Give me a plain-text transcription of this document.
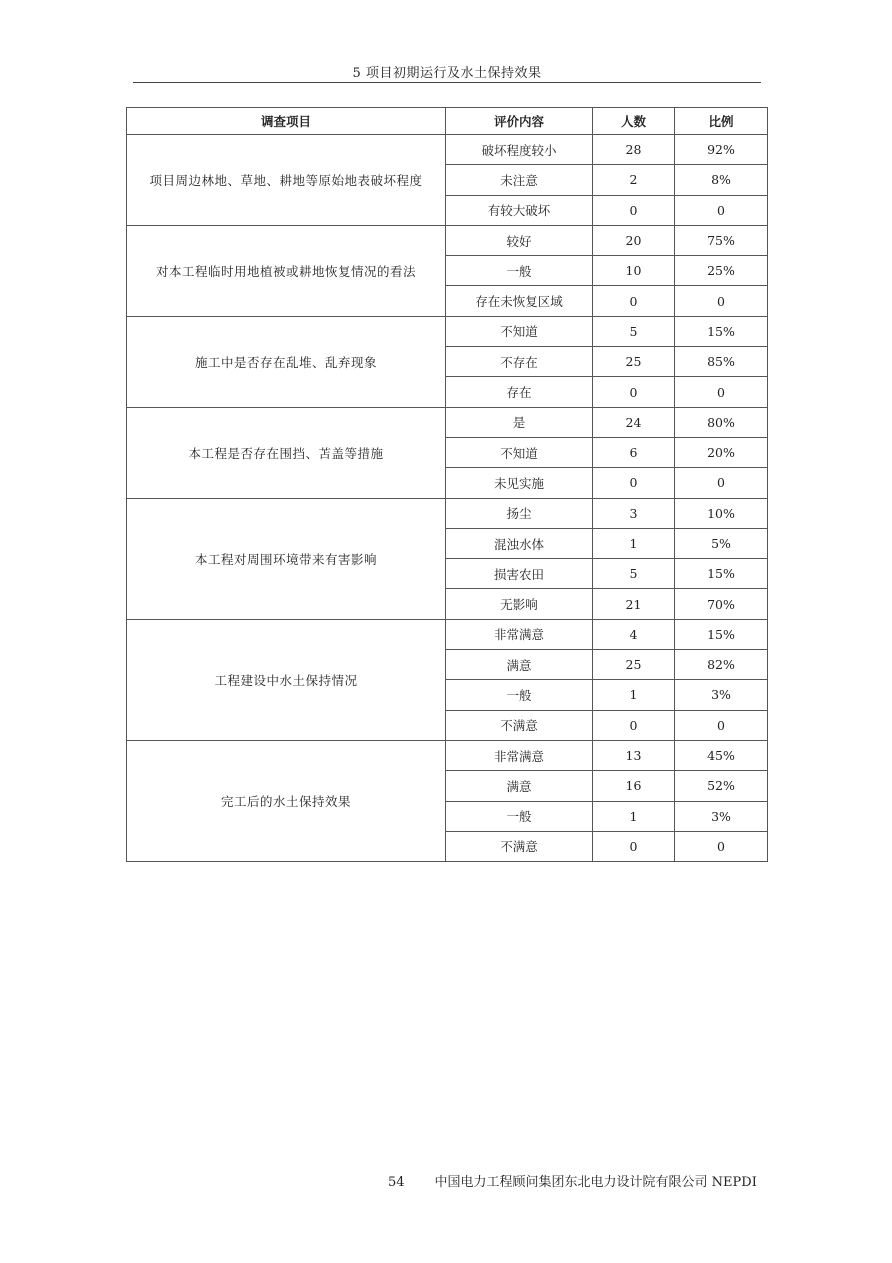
5 项目初期运行及水土保持效果
调查项目	评价内容	人数	比例
项目周边林地、草地、耕地等原始地表破坏程度	破坏程度较小	28	92%
	未注意	2	8%
	有较大破坏	0	0
对本工程临时用地植被或耕地恢复情况的看法	较好	20	75%
	一般	10	25%
	存在未恢复区域	0	0
施工中是否存在乱堆、乱弃现象	不知道	5	15%
	不存在	25	85%
	存在	0	0
本工程是否存在围挡、苫盖等措施	是	24	80%
	不知道	6	20%
	未见实施	0	0
本工程对周围环境带来有害影响	扬尘	3	10%
	混浊水体	1	5%
	损害农田	5	15%
	无影响	21	70%
工程建设中水土保持情况	非常满意	4	15%
	满意	25	82%
	一般	1	3%
	不满意	0	0
完工后的水土保持效果	非常满意	13	45%
	满意	16	52%
	一般	1	3%
	不满意	0	0
54 中国电力工程顾问集团东北电力设计院有限公司 NEPDI
